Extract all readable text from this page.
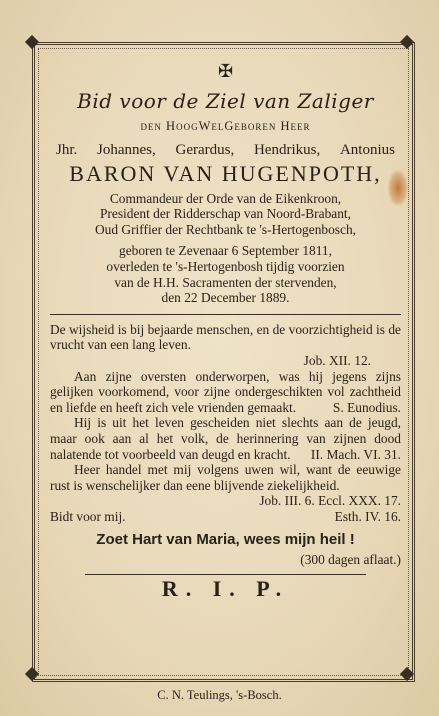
✠
Bid voor de Ziel van Zaliger
den HoogWelGeboren Heer
Jhr. Johannes, Gerardus, Hendrikus, Antonius
BARON VAN HUGENPOTH,
Commandeur der Orde van de Eikenkroon,
President der Ridderschap van Noord-Brabant,
Oud Griffier der Rechtbank te 's-Hertogenbosch,
geboren te Zevenaar 6 September 1811,
overleden te 's-Hertogenbosh tijdig voorzien
van de H.H. Sacramenten der stervenden,
den 22 December 1889.
De wijsheid is bij bejaarde menschen, en de voorzichtigheid is de vrucht van een lang leven.
Job. XII. 12.
Aan zijne oversten onderworpen, was hij jegens zijns gelijken voorkomend, voor zijne ondergeschikten vol zachtheid en liefde en heeft zich vele vrienden gemaakt.	S. Eunodius.
Hij is uit het leven gescheiden niet slechts aan de jeugd, maar ook aan al het volk, de herinnering van zijnen dood nalatende tot voorbeeld van deugd en kracht.	II. Mach. VI. 31.
Heer handel met mij volgens uwen wil, want de eeuwige rust is wenschelijker dan eene blijvende ziekelijkheid.
Job. III. 6. Eccl. XXX. 17.
Bidt voor mij.	Esth. IV. 16.
Zoet Hart van Maria, wees mijn heil !
(300 dagen aflaat.)
R. I. P.
C. N. Teulings, 's-Bosch.
